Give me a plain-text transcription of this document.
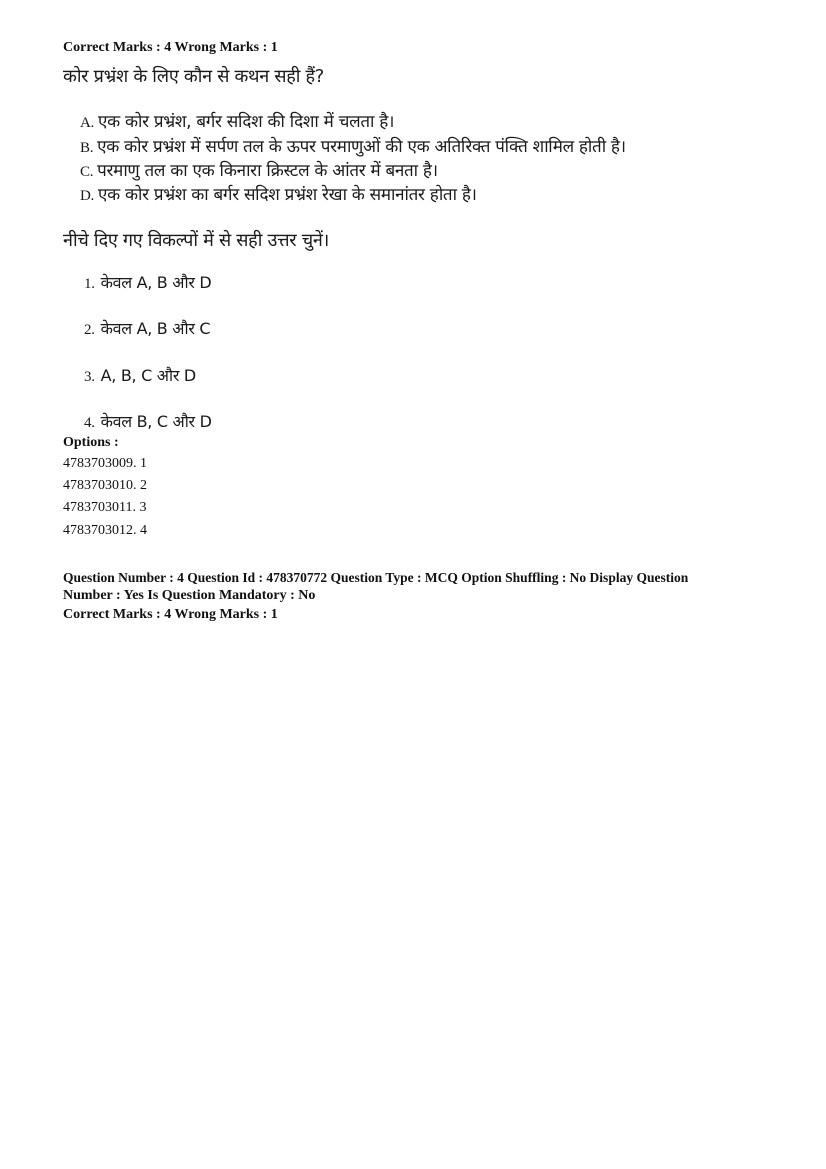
Correct Marks : 4 Wrong Marks : 1
कोर प्रभ्रंश के लिए कौन से कथन सही हैं?
A. एक कोर प्रभ्रंश, बर्गर सदिश की दिशा में चलता है।
B. एक कोर प्रभ्रंश में सर्पण तल के ऊपर परमाणुओं की एक अतिरिक्त पंक्ति शामिल होती है।
C. परमाणु तल का एक किनारा क्रिस्टल के आंतर में बनता है।
D. एक कोर प्रभ्रंश का बर्गर सदिश प्रभ्रंश रेखा के समानांतर होता है।
नीचे दिए गए विकल्पों में से सही उत्तर चुनें।
1. केवल A, B और D
2. केवल A, B और C
3. A, B, C और D
4. केवल B, C और D
Options :
4783703009. 1
4783703010. 2
4783703011. 3
4783703012. 4
Question Number : 4 Question Id : 478370772 Question Type : MCQ Option Shuffling : No Display Question
Number : Yes Is Question Mandatory : No
Correct Marks : 4 Wrong Marks : 1
